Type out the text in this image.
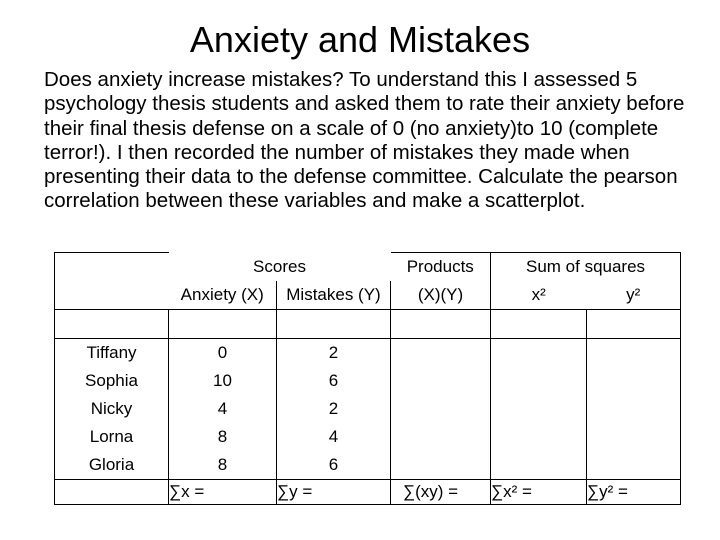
Anxiety and Mistakes
Does anxiety increase mistakes? To understand this I assessed 5 psychology thesis students and asked them to rate their anxiety before their final thesis defense on a scale of 0 (no anxiety)to 10 (complete terror!). I then recorded the number of mistakes they made when presenting their data to the defense committee. Calculate the pearson correlation between these variables and make a scatterplot.
	Scores		Products	Sum of squares	
	Anxiety (X)	Mistakes (Y)	(X)(Y)	x²	y²

Tiffany	0	2			
Sophia	10	6			
Nicky	4	2			
Lorna	8	4			
Gloria	8	6			
	∑x =	∑y =	∑(xy) =	∑x² =	∑y² =
